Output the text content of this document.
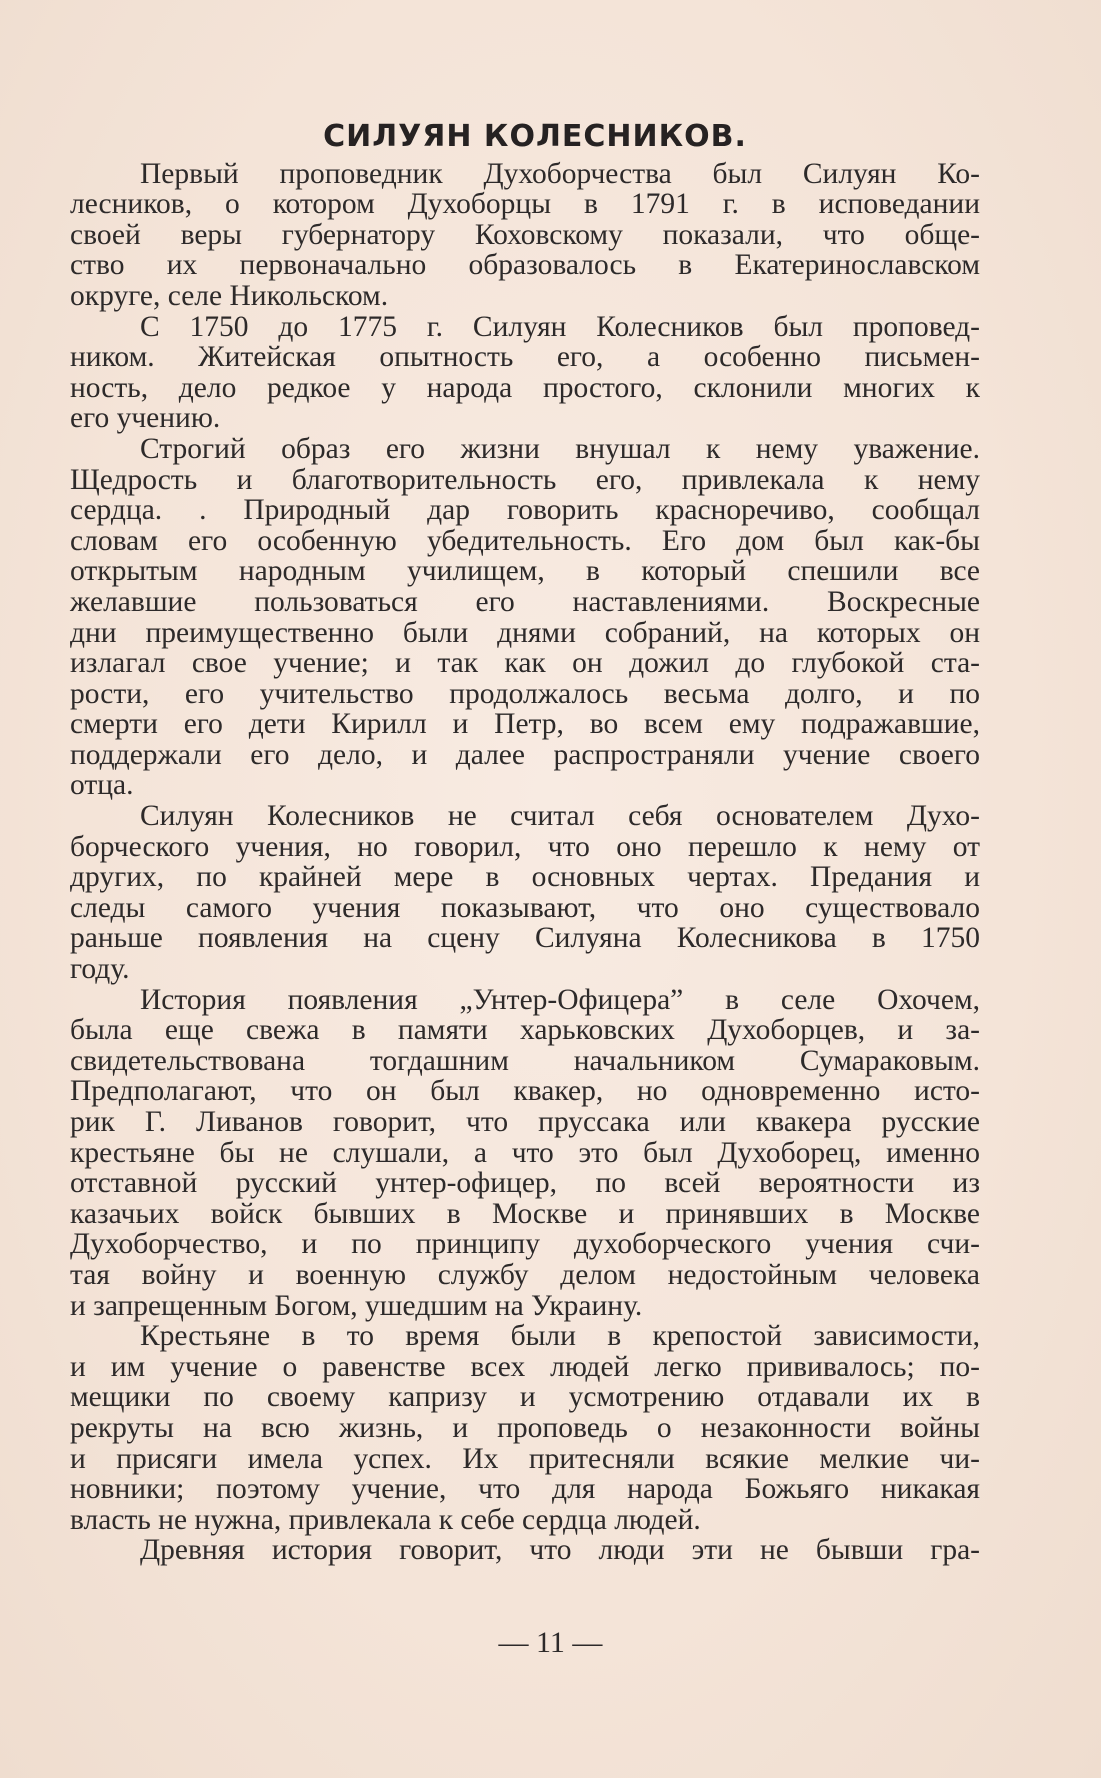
СИЛУЯН КОЛЕСНИКОВ.
Первый проповедник Духоборчества был Силуян Ко-
лесников, о котором Духоборцы в 1791 г. в исповедании
своей веры губернатору Коховскому показали, что обще-
ство их первоначально образовалось в Екатеринославском
округе, селе Никольском.
С 1750 до 1775 г. Силуян Колесников был проповед-
ником. Житейская опытность его, а особенно письмен-
ность, дело редкое у народа простого, склонили многих к
его учению.
Строгий образ его жизни внушал к нему уважение.
Щедрость и благотворительность его, привлекала к нему
сердца. . Природный дар говорить красноречиво, сообщал
словам его особенную убедительность. Его дом был как-бы
открытым народным училищем, в который спешили все
желавшие пользоваться его наставлениями. Воскресные
дни преимущественно были днями собраний, на которых он
излагал свое учение; и так как он дожил до глубокой ста-
рости, его учительство продолжалось весьма долго, и по
смерти его дети Кирилл и Петр, во всем ему подражавшие,
поддержали его дело, и далее распространяли учение своего
отца.
Силуян Колесников не считал себя основателем Духо-
борческого учения, но говорил, что оно перешло к нему от
других, по крайней мере в основных чертах. Предания и
следы самого учения показывают, что оно существовало
раньше появления на сцену Силуяна Колесникова в 1750
году.
История появления „Унтер-Офицера” в селе Охочем,
была еще свежа в памяти харьковских Духоборцев, и за-
свидетельствована тогдашним начальником Сумараковым.
Предполагают, что он был квакер, но одновременно исто-
рик Г. Ливанов говорит, что пруссака или квакера русские
крестьяне бы не слушали, а что это был Духоборец, именно
отставной русский унтер-офицер, по всей вероятности из
казачьих войск бывших в Москве и принявших в Москве
Духоборчество, и по принципу духоборческого учения счи-
тая войну и военную службу делом недостойным человека
и запрещенным Богом, ушедшим на Украину.
Крестьяне в то время были в крепостой зависимости,
и им учение о равенстве всех людей легко прививалось; по-
мещики по своему капризу и усмотрению отдавали их в
рекруты на всю жизнь, и проповедь о незаконности войны
и присяги имела успех. Их притесняли всякие мелкие чи-
новники; поэтому учение, что для народа Божьяго никакая
власть не нужна, привлекала к себе сердца людей.
Древняя история говорит, что люди эти не бывши гра-
— 11 —
